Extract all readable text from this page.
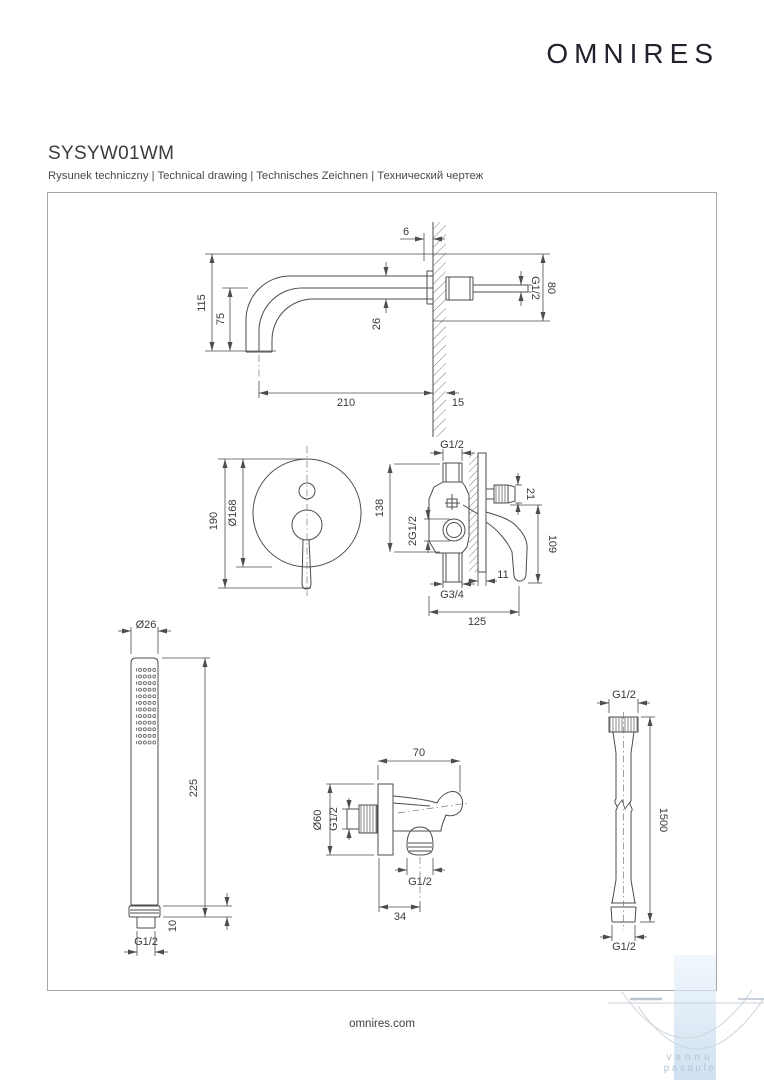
OMNIRES
SYSYW01WM
Rysunek techniczny | Technical drawing | Technisches Zeichnen | Технический чертеж
6
115
75	26
G1/2 80
210	15
190 Ø168
G1/2
138
2G1/2
21
109
11
G3/4
125
Ø26
225
10
G1/2
70
Ø60 G1/2
G1/2
34
G1/2
1500
G1/2
omnires.com
vannu
pasaule
